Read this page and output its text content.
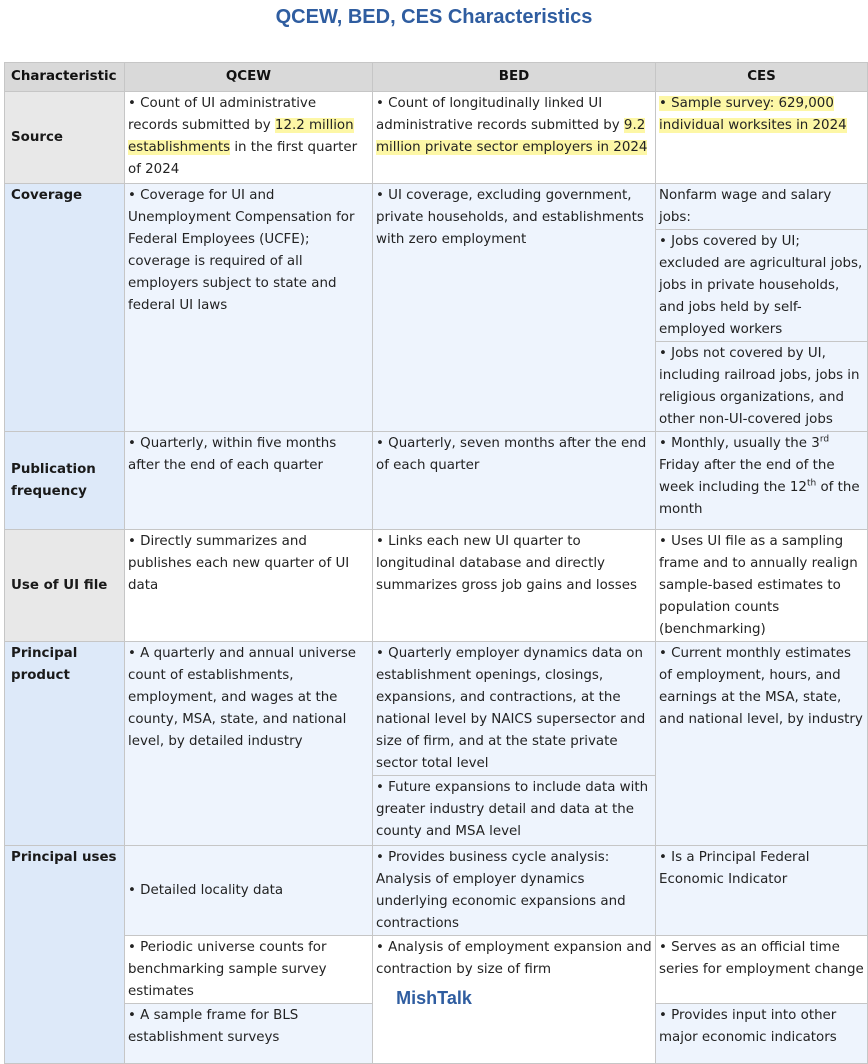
QCEW, BED, CES Characteristics
Characteristic	QCEW	BED	CES
Source	• Count of UI administrative records submitted by 12.2 million establishments in the first quarter of 2024	• Count of longitudinally linked UI administrative records submitted by 9.2 million private sector employers in 2024	• Sample survey: 629,000 individual worksites in 2024
Coverage	• Coverage for UI and Unemployment Compensation for Federal Employees (UCFE); coverage is required of all employers subject to state and federal UI laws	• UI coverage, excluding government, private households, and establishments with zero employment	Nonfarm wage and salary jobs:
			• Jobs covered by UI; excluded are agricultural jobs, jobs in private households, and jobs held by self-employed workers
			• Jobs not covered by UI, including railroad jobs, jobs in religious organizations, and other non-UI-covered jobs
Publication frequency	• Quarterly, within five months after the end of each quarter	• Quarterly, seven months after the end of each quarter	• Monthly, usually the 3rd Friday after the end of the week including the 12th of the month
Use of UI file	• Directly summarizes and publishes each new quarter of UI data	• Links each new UI quarter to longitudinal database and directly summarizes gross job gains and losses	• Uses UI file as a sampling frame and to annually realign sample-based estimates to population counts (benchmarking)
Principal product	• A quarterly and annual universe count of establishments, employment, and wages at the county, MSA, state, and national level, by detailed industry	• Quarterly employer dynamics data on establishment openings, closings, expansions, and contractions, at the national level by NAICS supersector and size of firm, and at the state private sector total level	• Current monthly estimates of employment, hours, and earnings at the MSA, state, and national level, by industry
		• Future expansions to include data with greater industry detail and data at the county and MSA level	
Principal uses	• Detailed locality data	• Provides business cycle analysis: Analysis of employer dynamics underlying economic expansions and contractions	• Is a Principal Federal Economic Indicator
	• Periodic universe counts for benchmarking sample survey estimates	• Analysis of employment expansion and contraction by size of firm	• Serves as an official time series for employment change
	• A sample frame for BLS establishment surveys		• Provides input into other major economic indicators
MishTalk
